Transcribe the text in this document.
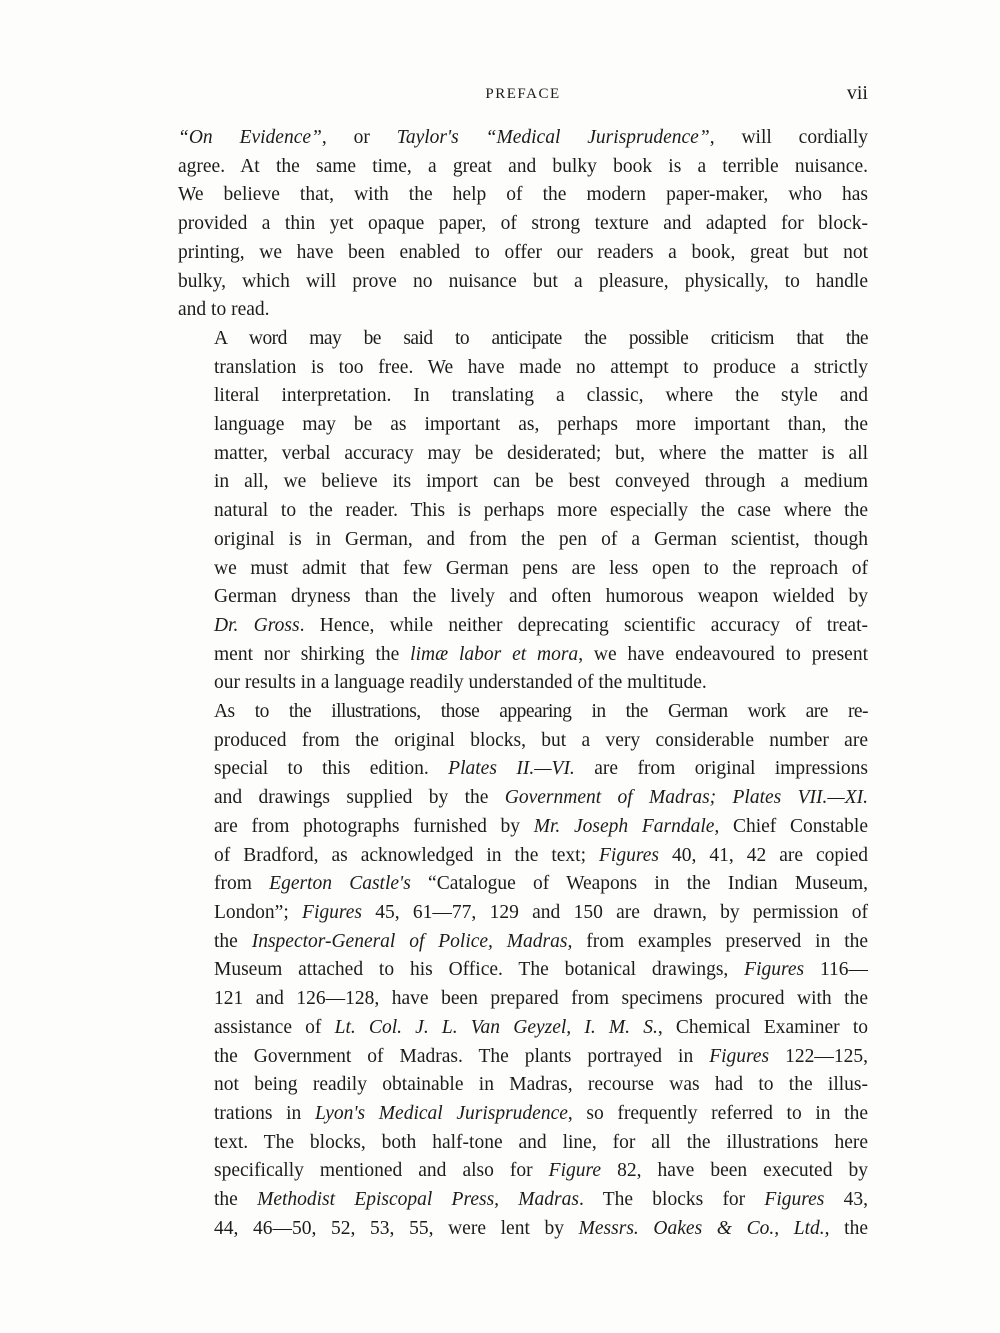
PREFACE	vii

“On Evidence”, or Taylor's “Medical Jurisprudence”, will cordially
agree. At the same time, a great and bulky book is a terrible nuisance.
We believe that, with the help of the modern paper-maker, who has
provided a thin yet opaque paper, of strong texture and adapted for block-
printing, we have been enabled to offer our readers a book, great but not
bulky, which will prove no nuisance but a pleasure, physically, to handle
and to read.

A word may be said to anticipate the possible criticism that the
translation is too free. We have made no attempt to produce a strictly
literal interpretation. In translating a classic, where the style and
language may be as important as, perhaps more important than, the
matter, verbal accuracy may be desiderated; but, where the matter is all
in all, we believe its import can be best conveyed through a medium
natural to the reader. This is perhaps more especially the case where the
original is in German, and from the pen of a German scientist, though
we must admit that few German pens are less open to the reproach of
German dryness than the lively and often humorous weapon wielded by
Dr. Gross. Hence, while neither deprecating scientific accuracy of treat-
ment nor shirking the limæ labor et mora, we have endeavoured to present
our results in a language readily understanded of the multitude.

As to the illustrations, those appearing in the German work are re-
produced from the original blocks, but a very considerable number are
special to this edition. Plates II.—VI. are from original impressions
and drawings supplied by the Government of Madras; Plates VII.—XI.
are from photographs furnished by Mr. Joseph Farndale, Chief Constable
of Bradford, as acknowledged in the text; Figures 40, 41, 42 are copied
from Egerton Castle's “Catalogue of Weapons in the Indian Museum,
London”; Figures 45, 61—77, 129 and 150 are drawn, by permission of
the Inspector-General of Police, Madras, from examples preserved in the
Museum attached to his Office. The botanical drawings, Figures 116—
121 and 126—128, have been prepared from specimens procured with the
assistance of Lt. Col. J. L. Van Geyzel, I. M. S., Chemical Examiner to
the Government of Madras. The plants portrayed in Figures 122—125,
not being readily obtainable in Madras, recourse was had to the illus-
trations in Lyon's Medical Jurisprudence, so frequently referred to in the
text. The blocks, both half-tone and line, for all the illustrations here
specifically mentioned and also for Figure 82, have been executed by
the Methodist Episcopal Press, Madras. The blocks for Figures 43,
44, 46—50, 52, 53, 55, were lent by Messrs. Oakes & Co., Ltd., the
